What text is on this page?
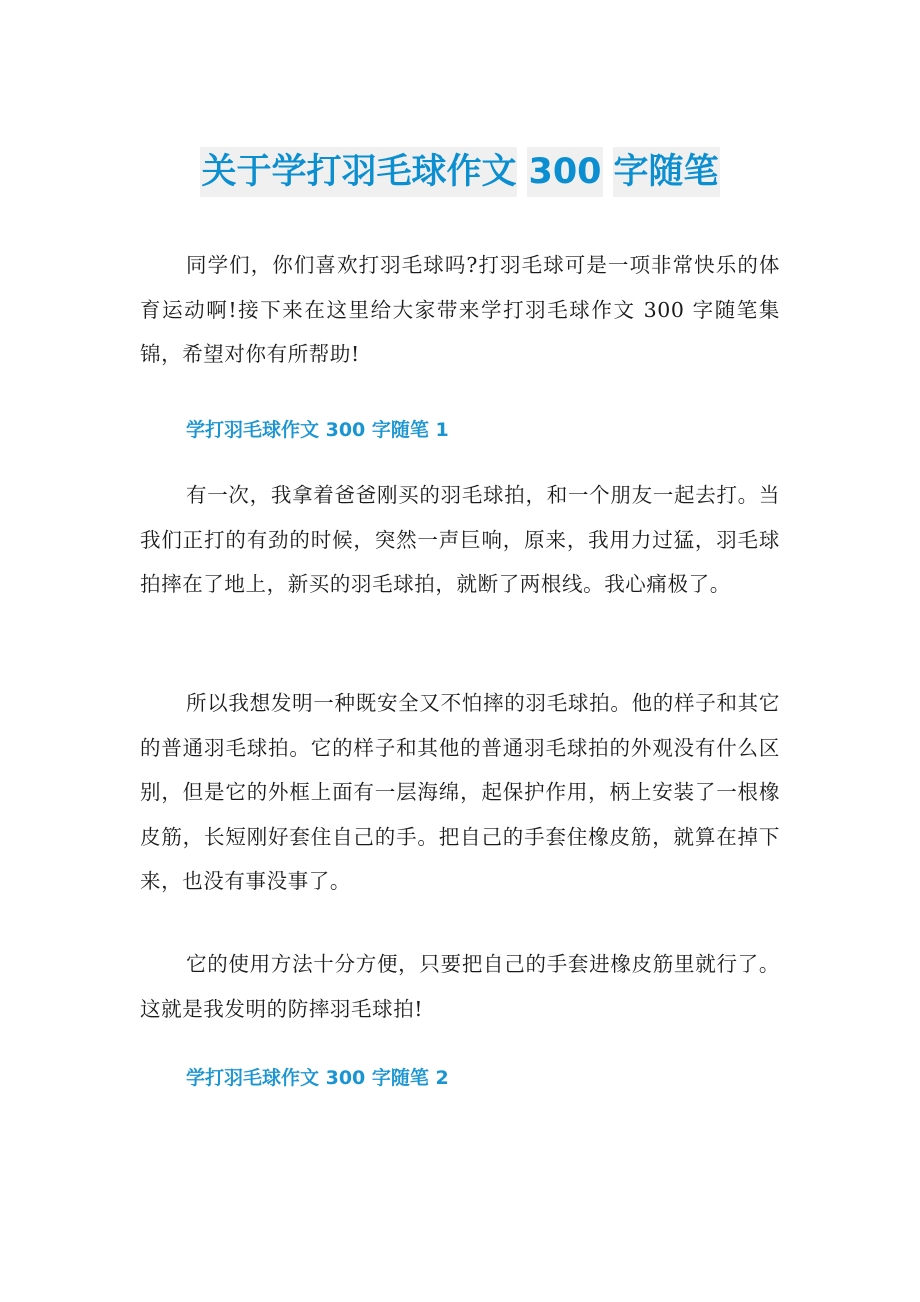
关于学打羽毛球作文 300 字随笔

同学们，你们喜欢打羽毛球吗?打羽毛球可是一项非常快乐的体育运动啊!接下来在这里给大家带来学打羽毛球作文 300 字随笔集锦，希望对你有所帮助!

学打羽毛球作文 300 字随笔 1

有一次，我拿着爸爸刚买的羽毛球拍，和一个朋友一起去打。当我们正打的有劲的时候，突然一声巨响，原来，我用力过猛，羽毛球拍摔在了地上，新买的羽毛球拍，就断了两根线。我心痛极了。

所以我想发明一种既安全又不怕摔的羽毛球拍。他的样子和其它的普通羽毛球拍。它的样子和其他的普通羽毛球拍的外观没有什么区别，但是它的外框上面有一层海绵，起保护作用，柄上安装了一根橡皮筋，长短刚好套住自己的手。把自己的手套住橡皮筋，就算在掉下来，也没有事没事了。

它的使用方法十分方便，只要把自己的手套进橡皮筋里就行了。这就是我发明的防摔羽毛球拍!

学打羽毛球作文 300 字随笔 2
